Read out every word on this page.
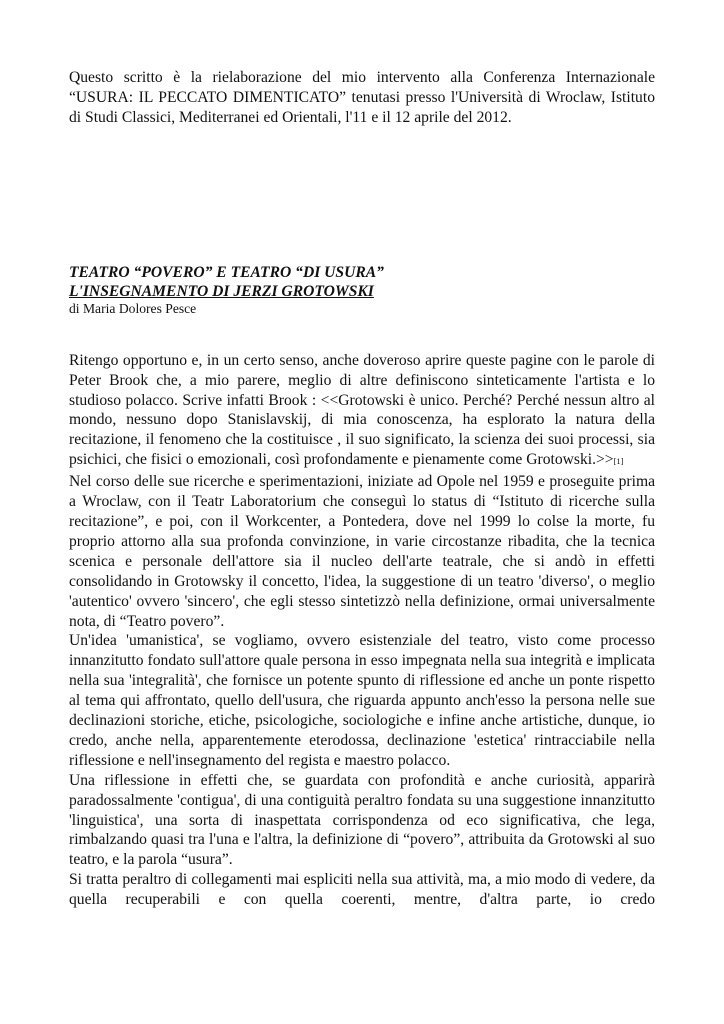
Questo scritto è la rielaborazione del mio intervento alla Conferenza Internazionale “USURA: IL PECCATO DIMENTICATO” tenutasi presso l'Università di Wroclaw, Istituto di Studi Classici, Mediterranei ed Orientali, l'11 e il 12 aprile del 2012.

TEATRO “POVERO” E TEATRO “DI USURA”

L'INSEGNAMENTO DI JERZI GROTOWSKI

di Maria Dolores Pesce

Ritengo opportuno e, in un certo senso, anche doveroso aprire queste pagine con le parole di Peter Brook che, a mio parere, meglio di altre definiscono sinteticamente l'artista e lo studioso polacco. Scrive infatti Brook : <<Grotowski è unico. Perché? Perché nessun altro al mondo, nessuno dopo Stanislavskij, di mia conoscenza, ha esplorato la natura della recitazione, il fenomeno che la costituisce , il suo significato, la scienza dei suoi processi, sia psichici, che fisici o emozionali, così profondamente e pienamente come Grotowski.>>[1]

Nel corso delle sue ricerche e sperimentazioni, iniziate ad Opole nel 1959 e proseguite prima a Wroclaw, con il Teatr Laboratorium che conseguì lo status di “Istituto di ricerche sulla recitazione”, e poi, con il Workcenter, a Pontedera, dove nel 1999 lo colse la morte, fu proprio attorno alla sua profonda convinzione, in varie circostanze ribadita, che la tecnica scenica e personale dell'attore sia il nucleo dell'arte teatrale, che si andò in effetti consolidando in Grotowsky il concetto, l'idea, la suggestione di un teatro 'diverso', o meglio 'autentico' ovvero 'sincero', che egli stesso sintetizzò nella definizione, ormai universalmente nota, di “Teatro povero”.

Un'idea 'umanistica', se vogliamo, ovvero esistenziale del teatro, visto come processo innanzitutto fondato sull'attore quale persona in esso impegnata nella sua integrità e implicata nella sua 'integralità', che fornisce un potente spunto di riflessione ed anche un ponte rispetto al tema qui affrontato, quello dell'usura, che riguarda appunto anch'esso la persona nelle sue declinazioni storiche, etiche, psicologiche, sociologiche e infine anche artistiche, dunque, io credo, anche nella, apparentemente eterodossa, declinazione 'estetica' rintracciabile nella riflessione e nell'insegnamento del regista e maestro polacco.

Una riflessione in effetti che, se guardata con profondità e anche curiosità, apparirà paradossalmente 'contigua', di una contiguità peraltro fondata su una suggestione innanzitutto 'linguistica', una sorta di inaspettata corrispondenza od eco significativa, che lega, rimbalzando quasi tra l'una e l'altra, la definizione di “povero”, attribuita da Grotowski al suo teatro, e la parola “usura”.

Si tratta peraltro di collegamenti mai espliciti nella sua attività, ma, a mio modo di vedere, da quella recuperabili e con quella coerenti, mentre, d'altra parte, io credo
